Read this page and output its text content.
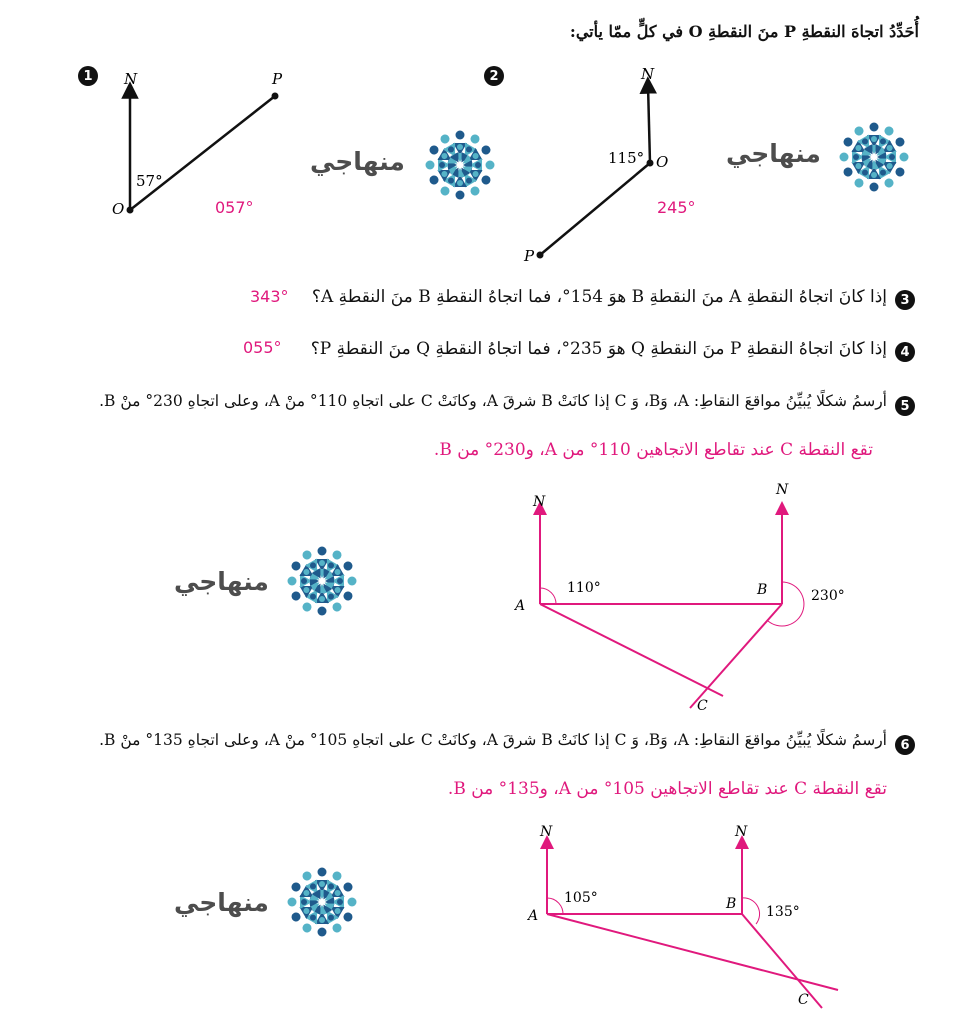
أُحَدِّدُ اتجاهَ النقطةِ P منَ النقطةِ O في كلٍّ ممّا يأتي:
1	N	P
O
57°
057°
منهاجي
2	N
O
P
115°
245°
منهاجي
3
إذا كانَ اتجاهُ النقطةِ A منَ النقطةِ B هوَ 154°، فما اتجاهُ النقطةِ B منَ النقطةِ A؟
343°
4
إذا كانَ اتجاهُ النقطةِ P منَ النقطةِ Q هوَ 235°، فما اتجاهُ النقطةِ Q منَ النقطةِ P؟
055°
5
أرسمُ شكلًا يُبيِّنُ مواقعَ النقاطِ: A، وَB، وَ C إذا كانَتْ B شرقَ A، وكانَتْ C على اتجاهِ 110° منْ A، وعلى اتجاهِ 230° منْ B.
تقع النقطة C عند تقاطع الاتجاهين 110° من A، و230° من B.
منهاجي
N
N
A
B
C
110°	230°
6
أرسمُ شكلًا يُبيِّنُ مواقعَ النقاطِ: A، وَB، وَ C إذا كانَتْ B شرقَ A، وكانَتْ C على اتجاهِ 105° منْ A، وعلى اتجاهِ 135° منْ B.
تقع النقطة C عند تقاطع الاتجاهين 105° من A، و135° من B.
منهاجي
N	N
A
B
C
105°
135°
